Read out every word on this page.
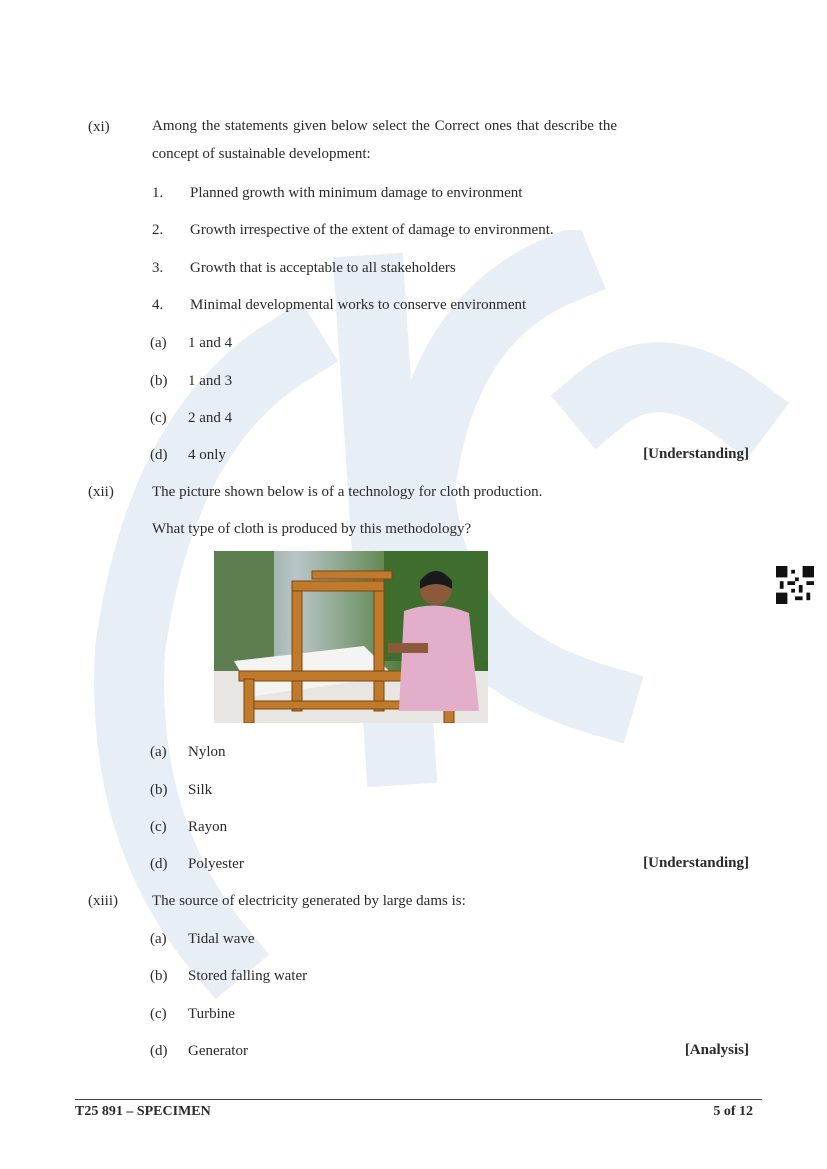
CISCE
(xi)	Among the statements given below select the Correct ones that describe the concept of sustainable development:
1. Planned growth with minimum damage to environment
2. Growth irrespective of the extent of damage to environment.
3. Growth that is acceptable to all stakeholders
4. Minimal developmental works to conserve environment
(a) 1 and 4
(b) 1 and 3
(c) 2 and 4
(d) 4 only	[Understanding]
(xii)	The picture shown below is of a technology for cloth production.
What type of cloth is produced by this methodology?
(a) Nylon
(b) Silk
(c) Rayon
(d) Polyester	[Understanding]
(xiii) The source of electricity generated by large dams is:
(a) Tidal wave
(b) Stored falling water
(c) Turbine
(d) Generator	[Analysis]
T25 891 – SPECIMEN	5 of 12
